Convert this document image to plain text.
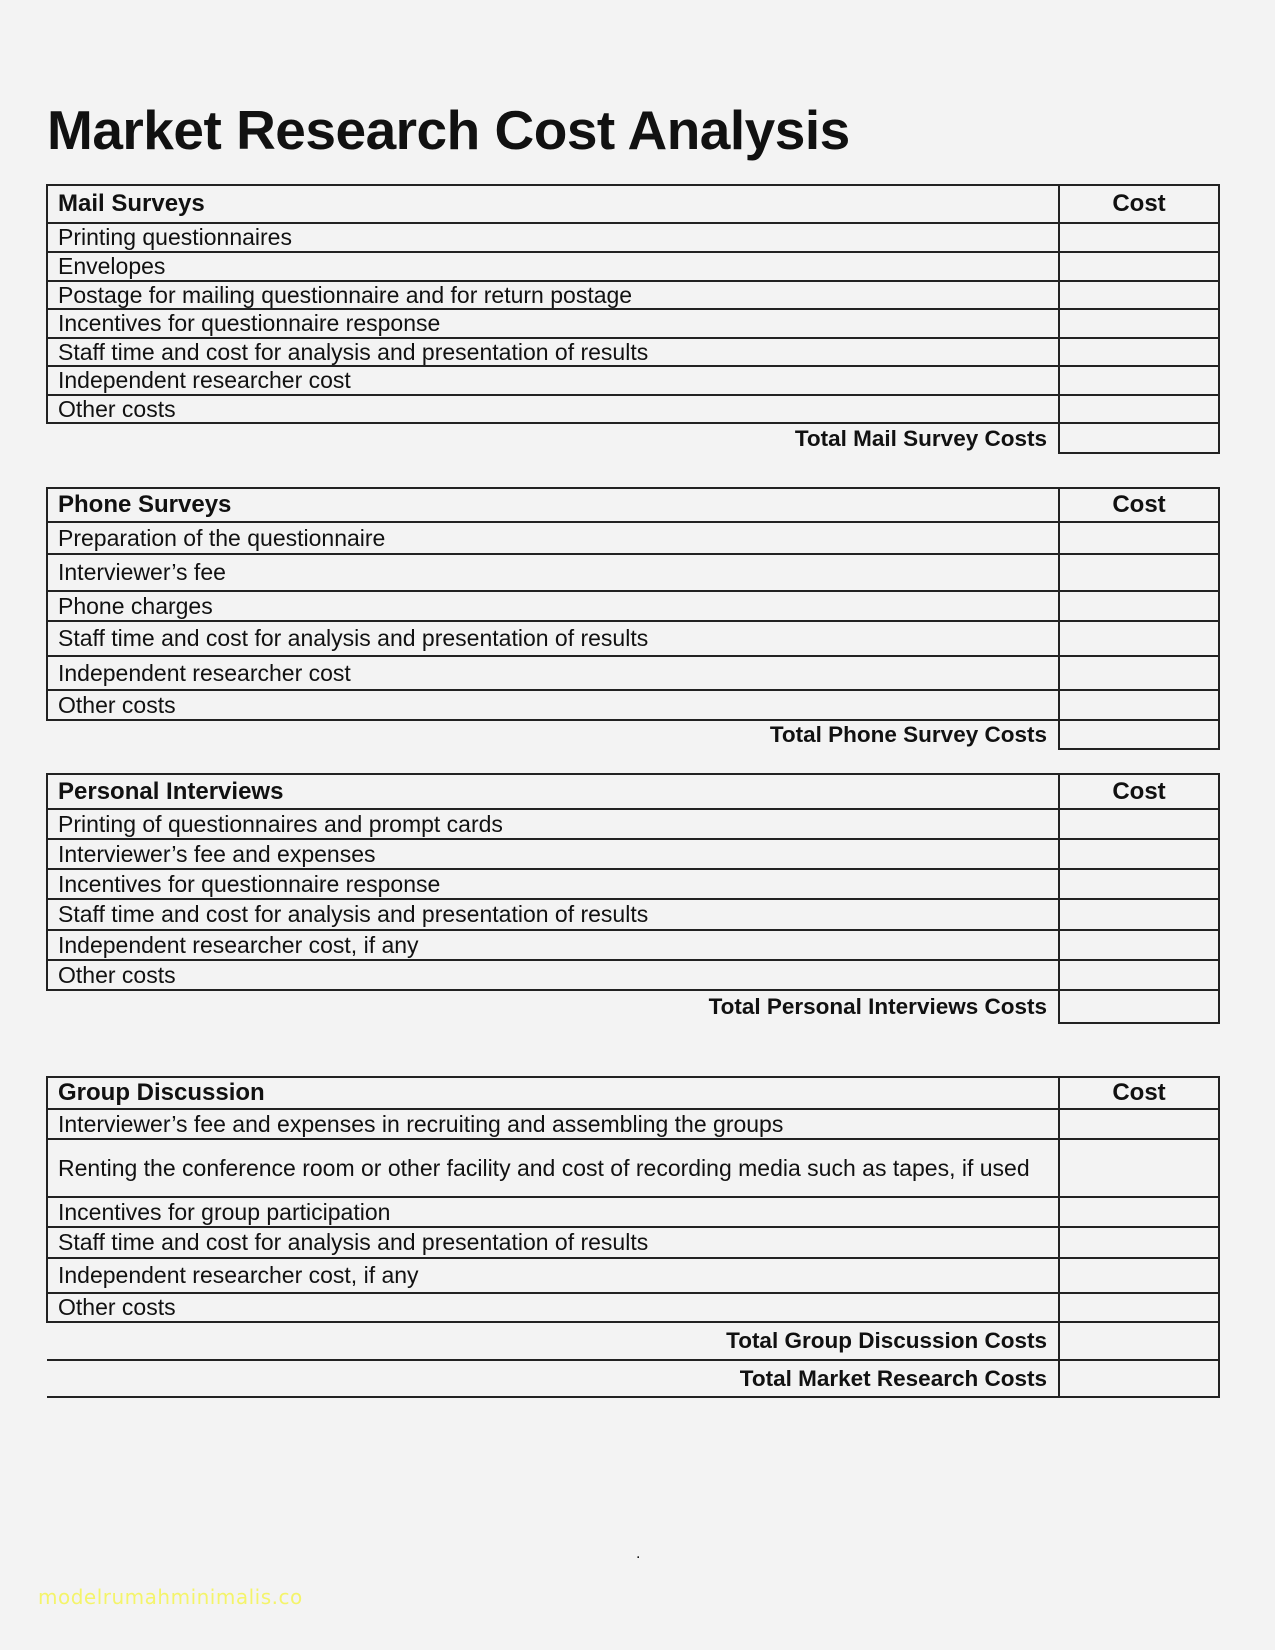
Market Research Cost Analysis
Mail Surveys	Cost
Printing questionnaires	
Envelopes	
Postage for mailing questionnaire and for return postage	
Incentives for questionnaire response	
Staff time and cost for analysis and presentation of results	
Independent researcher cost	
Other costs	
Total Mail Survey Costs	
Phone Surveys	Cost
Preparation of the questionnaire	
Interviewer’s fee	
Phone charges	
Staff time and cost for analysis and presentation of results	
Independent researcher cost	
Other costs	
Total Phone Survey Costs	
Personal Interviews	Cost
Printing of questionnaires and prompt cards	
Interviewer’s fee and expenses	
Incentives for questionnaire response	
Staff time and cost for analysis and presentation of results	
Independent researcher cost, if any	
Other costs	
Total Personal Interviews Costs	
Group Discussion	Cost
Interviewer’s fee and expenses in recruiting and assembling the groups	
Renting the conference room or other facility and cost of recording media such as tapes, if used	
Incentives for group participation	
Staff time and cost for analysis and presentation of results	
Independent researcher cost, if any	
Other costs	
Total Group Discussion Costs	
Total Market Research Costs	
.
modelrumahminimalis.co
